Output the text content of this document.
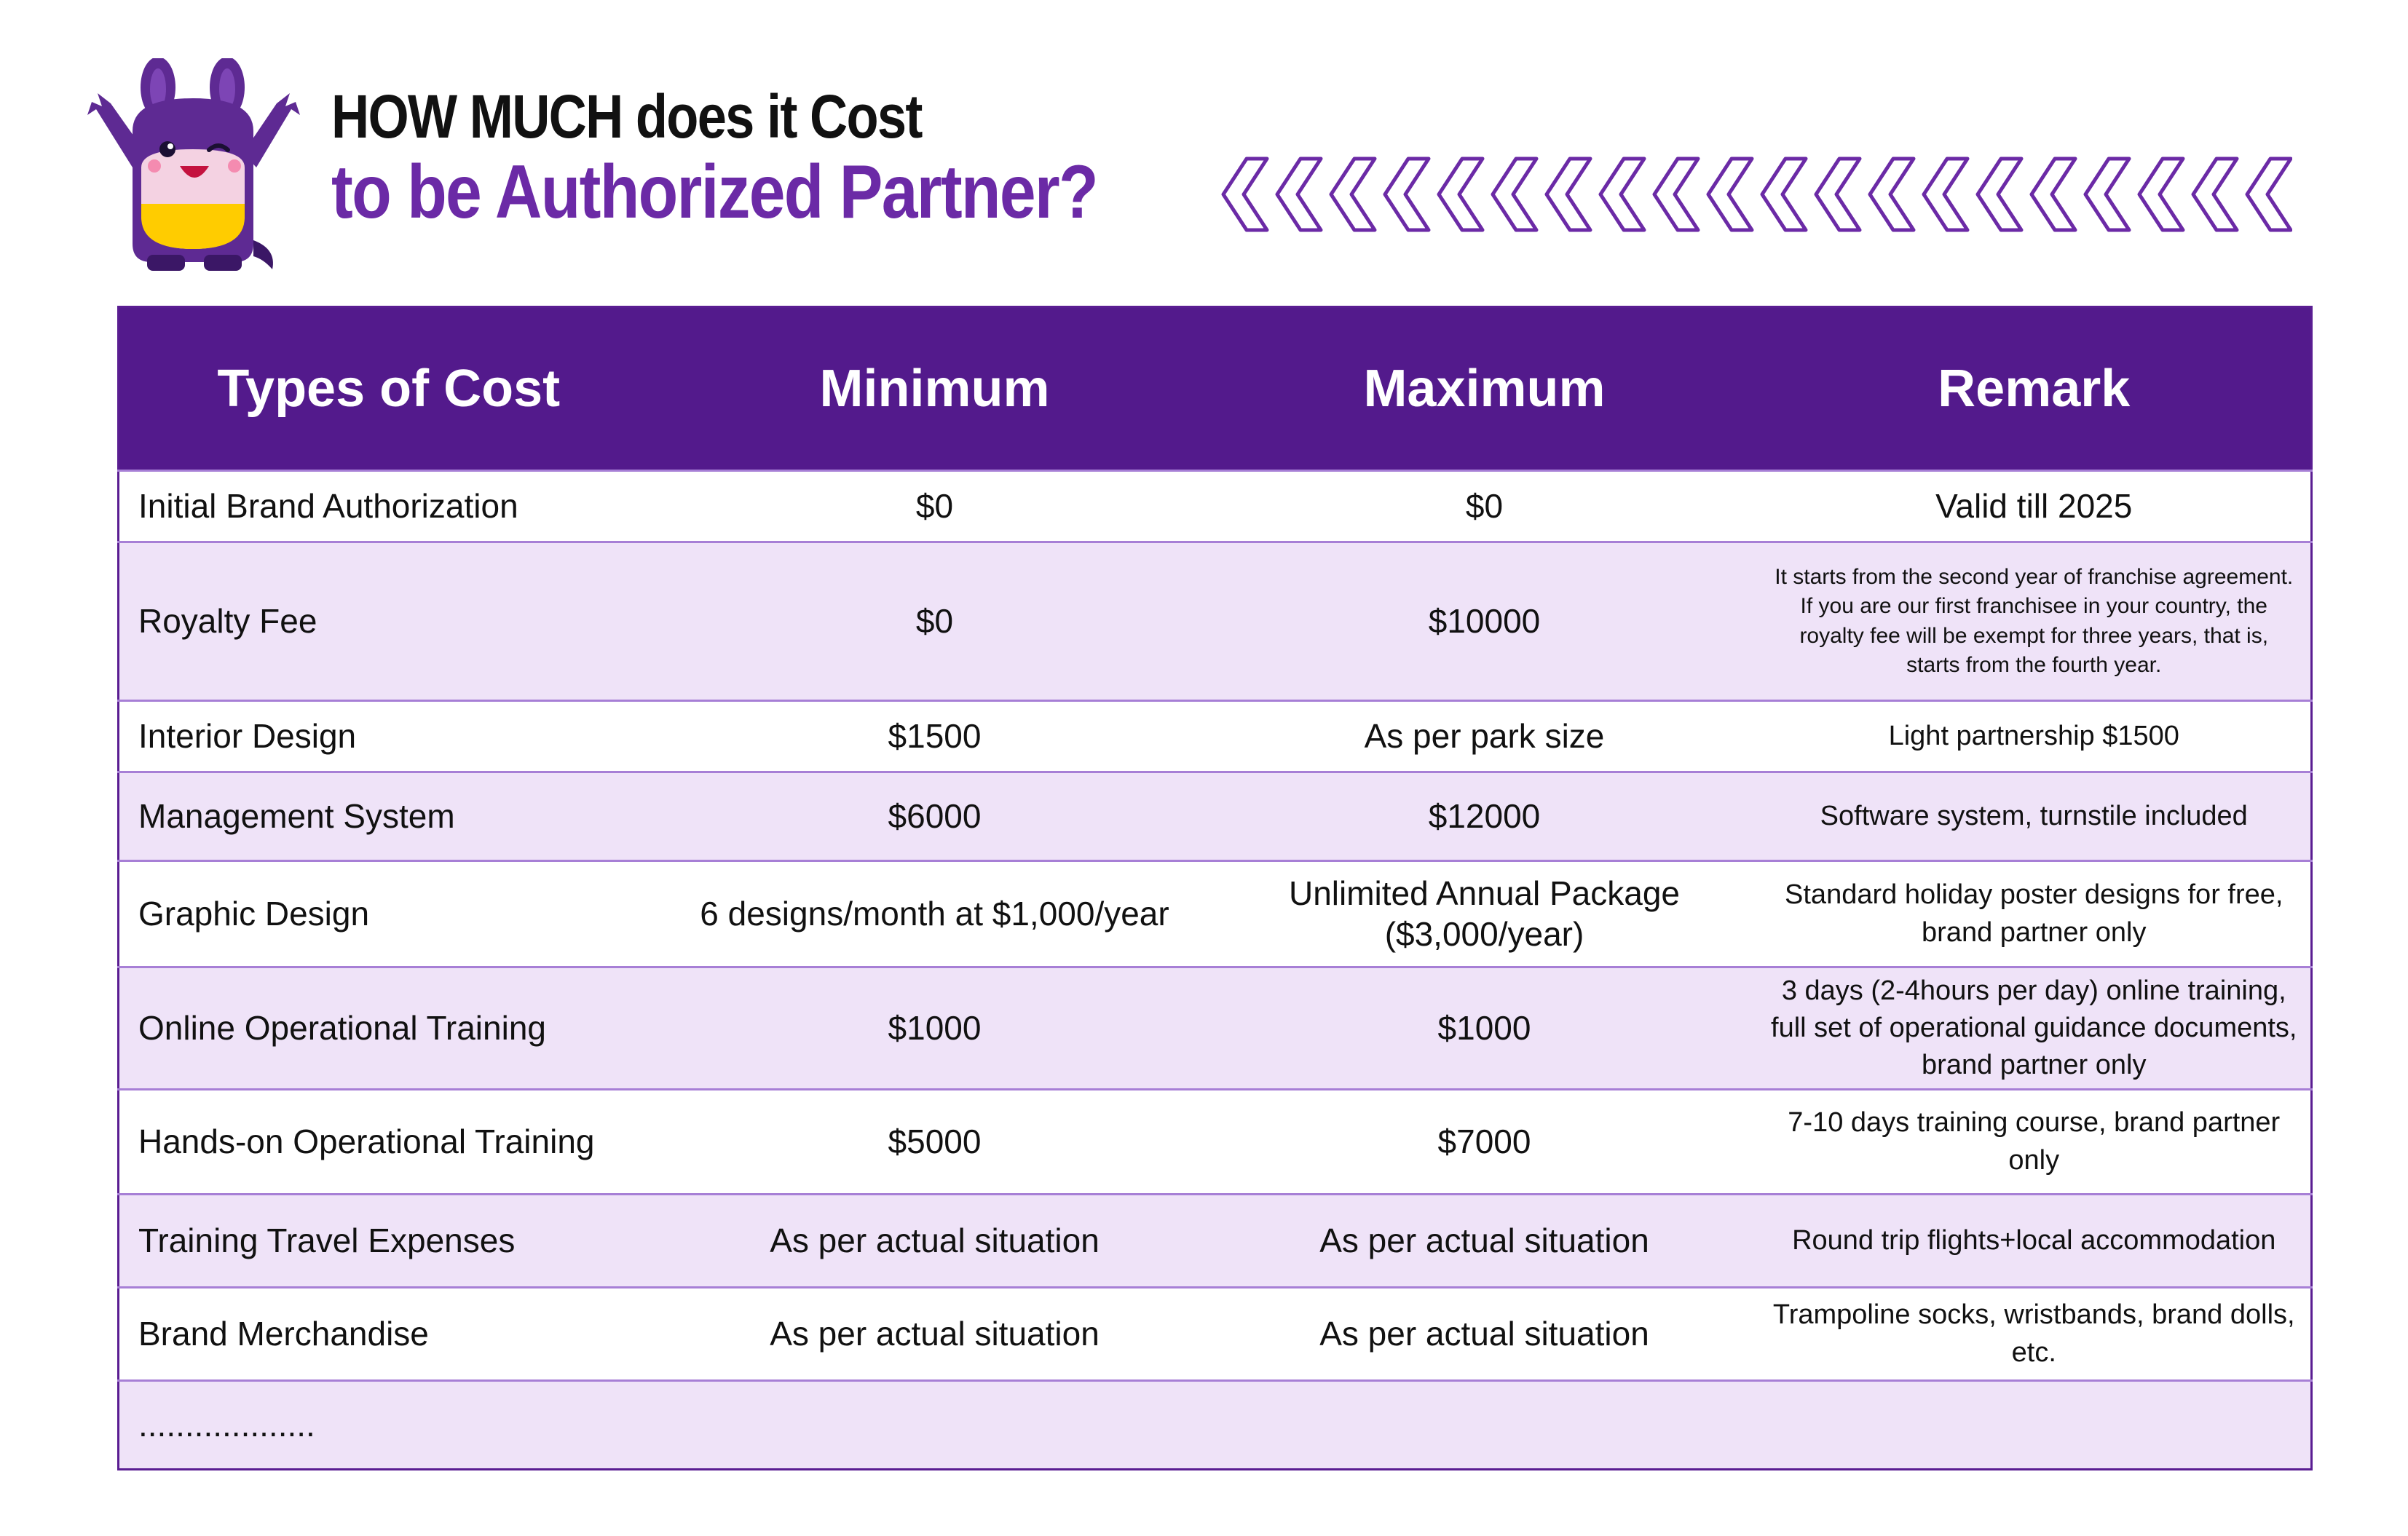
HOW MUCH does it Cost
to be Authorized Partner?
Types of Cost	Minimum	Maximum	Remark
Initial Brand Authorization	$0	$0	Valid till 2025
Royalty Fee	$0	$10000	It starts from the second year of franchise agreement. If you are our first franchisee in your country, the royalty fee will be exempt for three years, that is, starts from the fourth year.
Interior Design	$1500	As per park size	Light partnership $1500
Management System	$6000	$12000	Software system, turnstile included
Graphic Design	6 designs/month at $1,000/year	Unlimited Annual Package ($3,000/year)	Standard holiday poster designs for free, brand partner only
Online Operational Training	$1000	$1000	3 days (2-4hours per day) online training, full set of operational guidance documents, brand partner only
Hands-on Operational Training	$5000	$7000	7-10 days training course, brand partner only
Training Travel Expenses	As per actual situation	As per actual situation	Round trip flights+local accommodation
Brand Merchandise	As per actual situation	As per actual situation	Trampoline socks, wristbands, brand dolls, etc.
...................			
